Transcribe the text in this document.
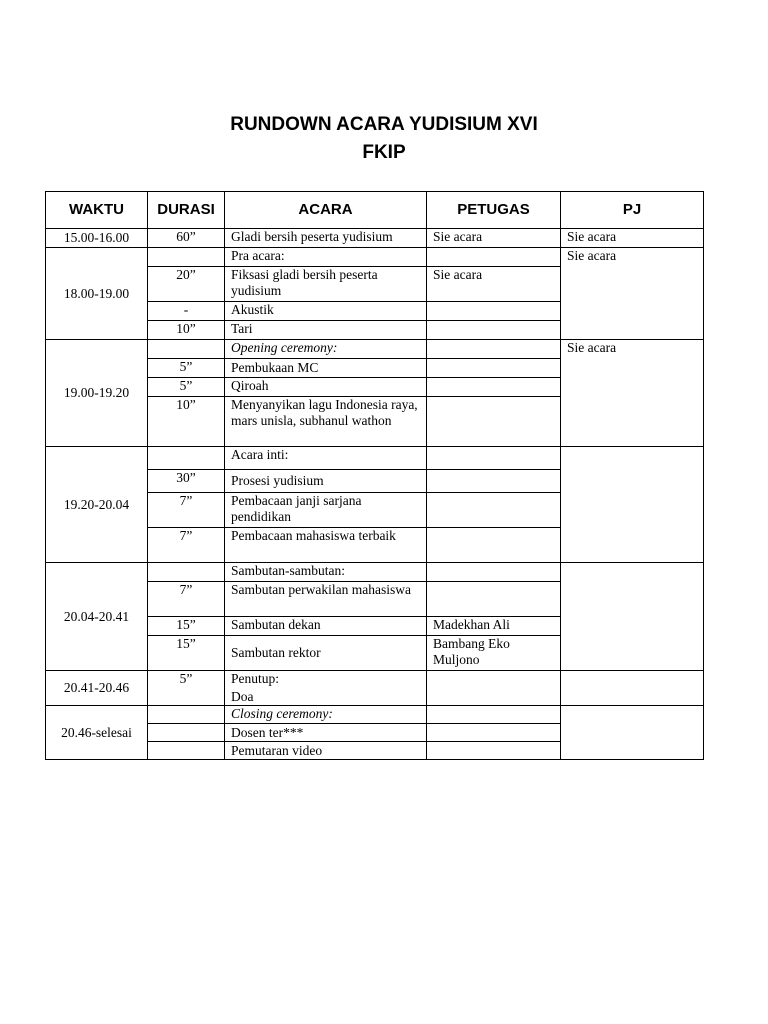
RUNDOWN ACARA YUDISIUM XVI
FKIP
WAKTU	DURASI	ACARA	PETUGAS	PJ
15.00-16.00	60”	Gladi bersih peserta yudisium	Sie acara	Sie acara
18.00-19.00		Pra acara:		Sie acara
	20”	Fiksasi gladi bersih peserta yudisium	Sie acara	
	-	Akustik		
	10”	Tari		
19.00-19.20		Opening ceremony:		Sie acara
	5”	Pembukaan MC		
	5”	Qiroah		
	10”	Menyanyikan lagu Indonesia raya, mars unisla, subhanul wathon		
19.20-20.04		Acara inti:		
	30”	Prosesi yudisium		
	7”	Pembacaan janji sarjana pendidikan		
	7”	Pembacaan mahasiswa terbaik		
20.04-20.41		Sambutan-sambutan:		
	7”	Sambutan perwakilan mahasiswa		
	15”	Sambutan dekan	Madekhan Ali	
	15”	Sambutan rektor	Bambang Eko Muljono	
20.41-20.46	5”	Penutup:
Doa		

20.46-selesai		Closing ceremony:		
		Dosen ter***		
		Pemutaran video		
